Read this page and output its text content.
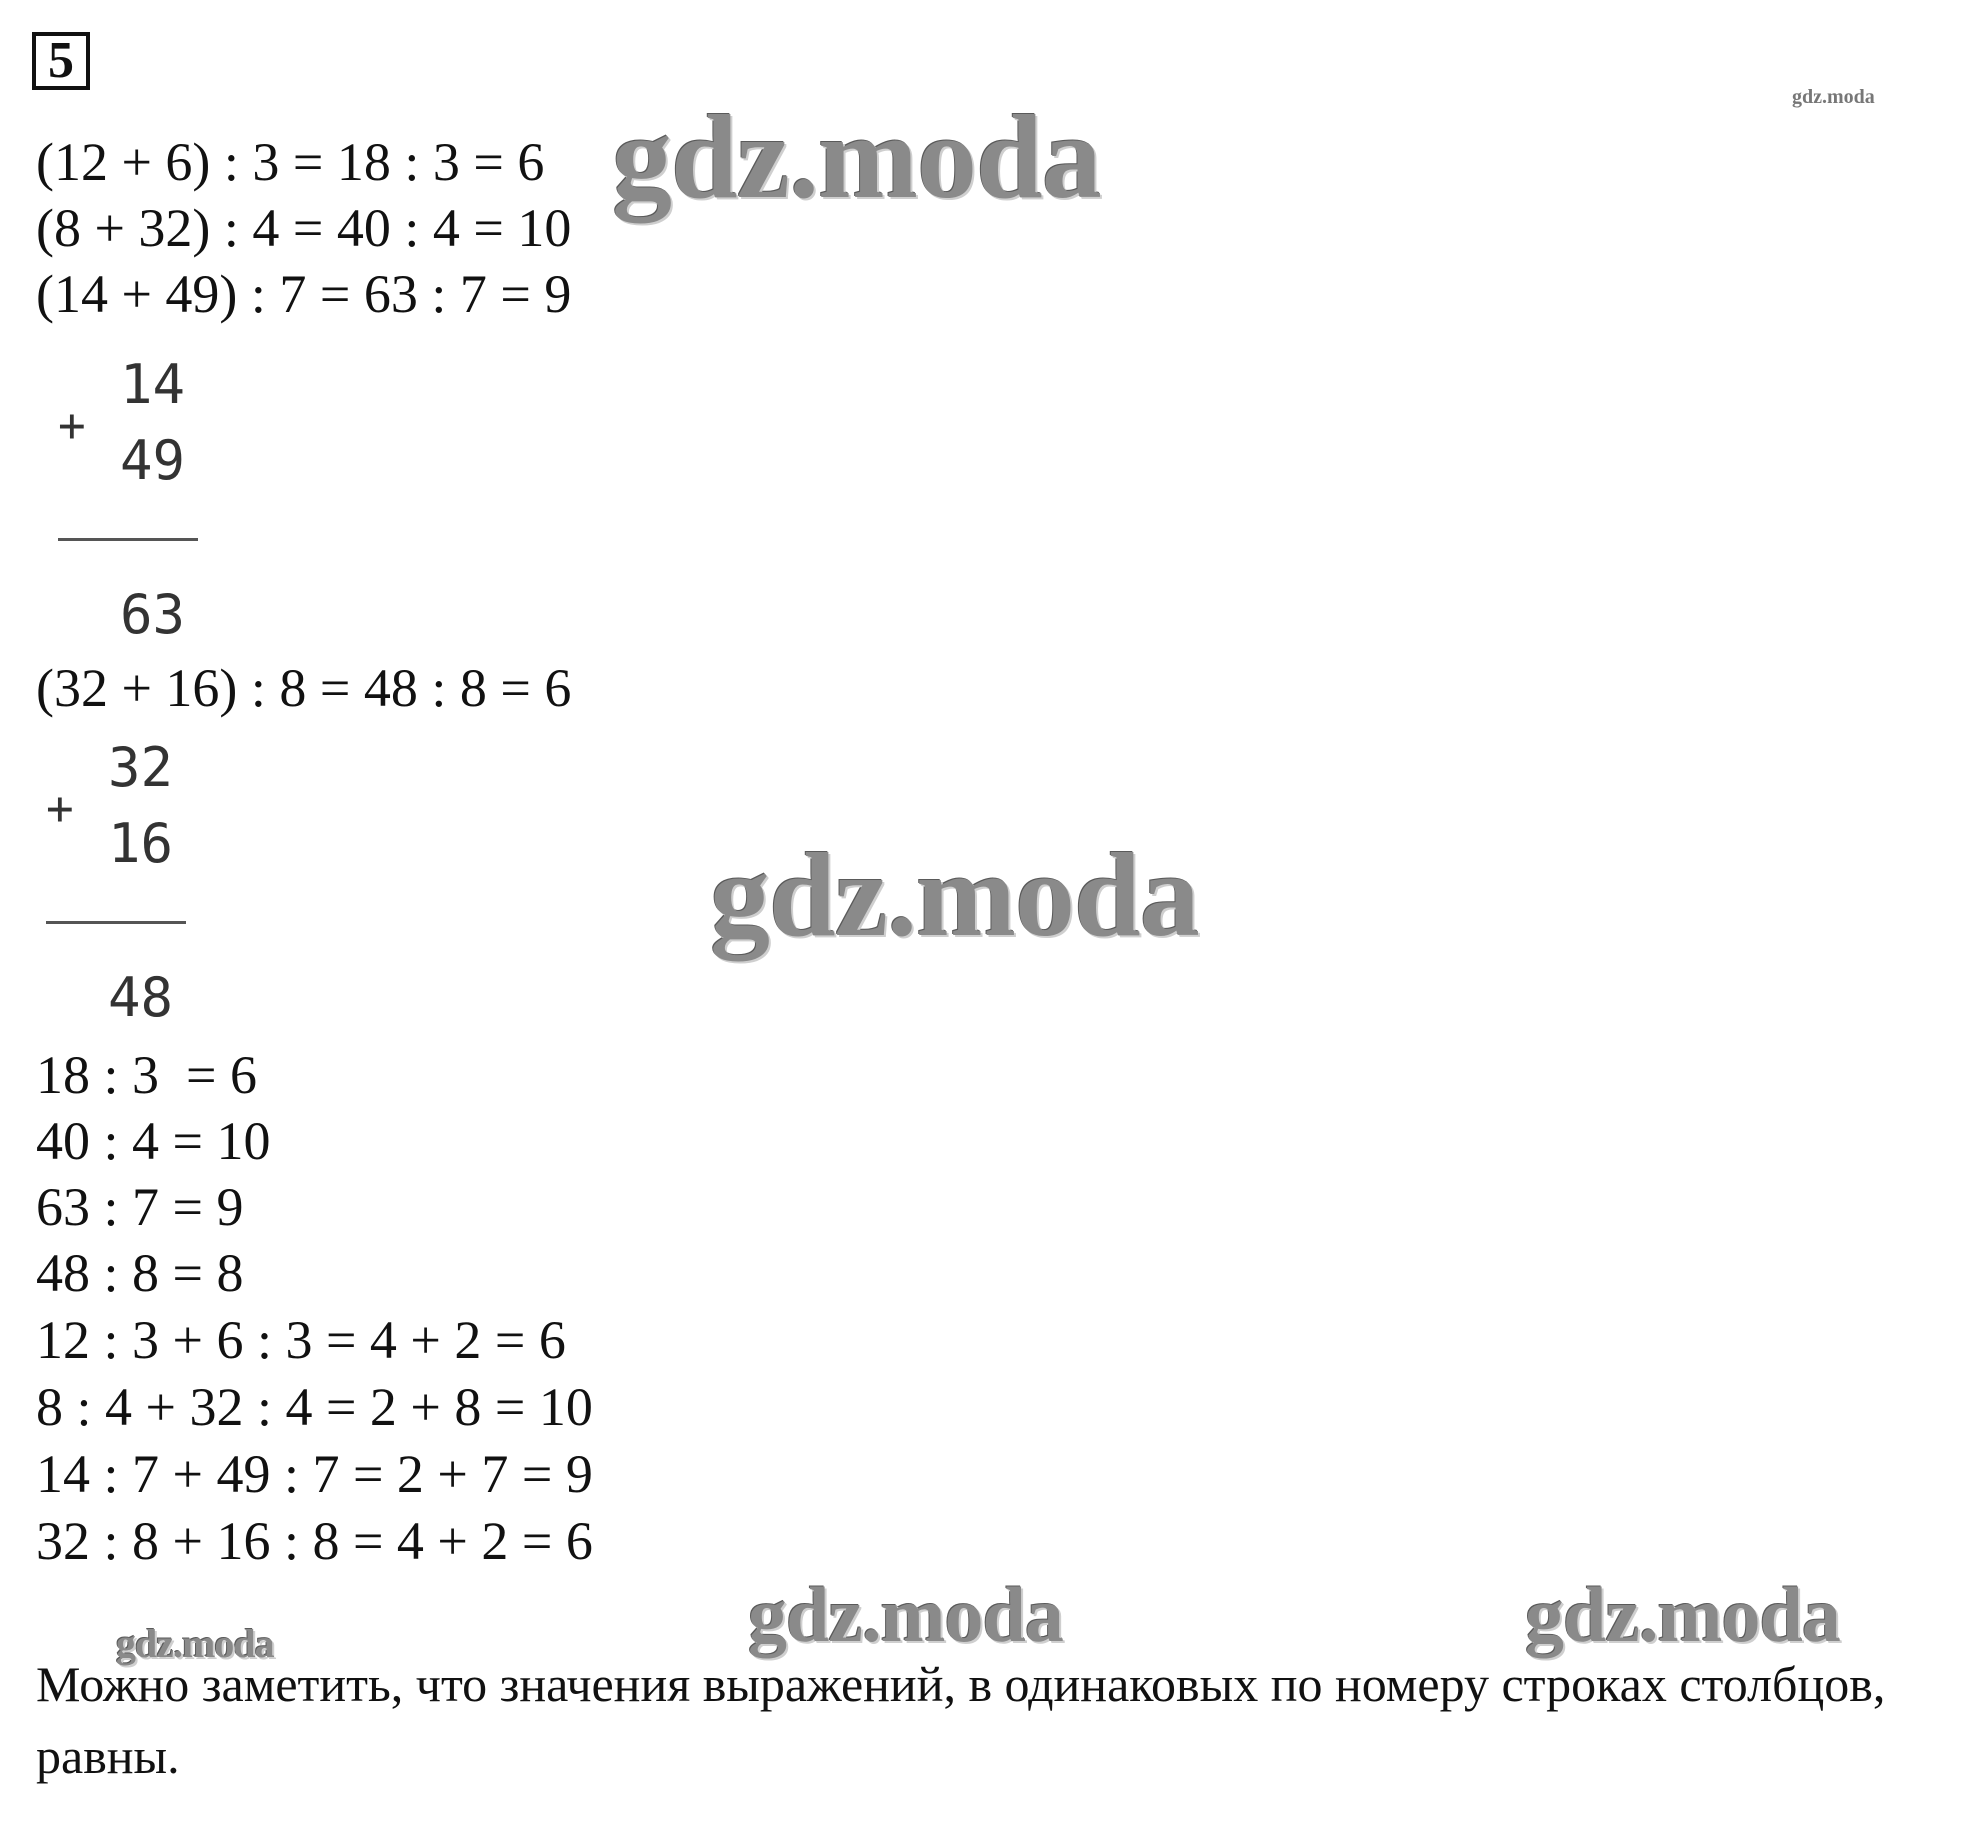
5
(12 + 6) : 3 = 18 : 3 = 6
(8 + 32) : 4 = 40 : 4 = 10
(14 + 49) : 7 = 63 : 7 = 9
+
14
49
63
(32 + 16) : 8 = 48 : 8 = 6
+
32
16
48
18 : 3  = 6
40 : 4 = 10
63 : 7 = 9
48 : 8 = 8
12 : 3 + 6 : 3 = 4 + 2 = 6
8 : 4 + 32 : 4 = 2 + 8 = 10
14 : 7 + 49 : 7 = 2 + 7 = 9
32 : 8 + 16 : 8 = 4 + 2 = 6
Можно заметить, что значения выражений, в одинаковых по номеру строках столбцов, равны.
gdz.moda	gdz.moda
gdz.moda
gdz.moda	gdz.moda	gdz.moda
